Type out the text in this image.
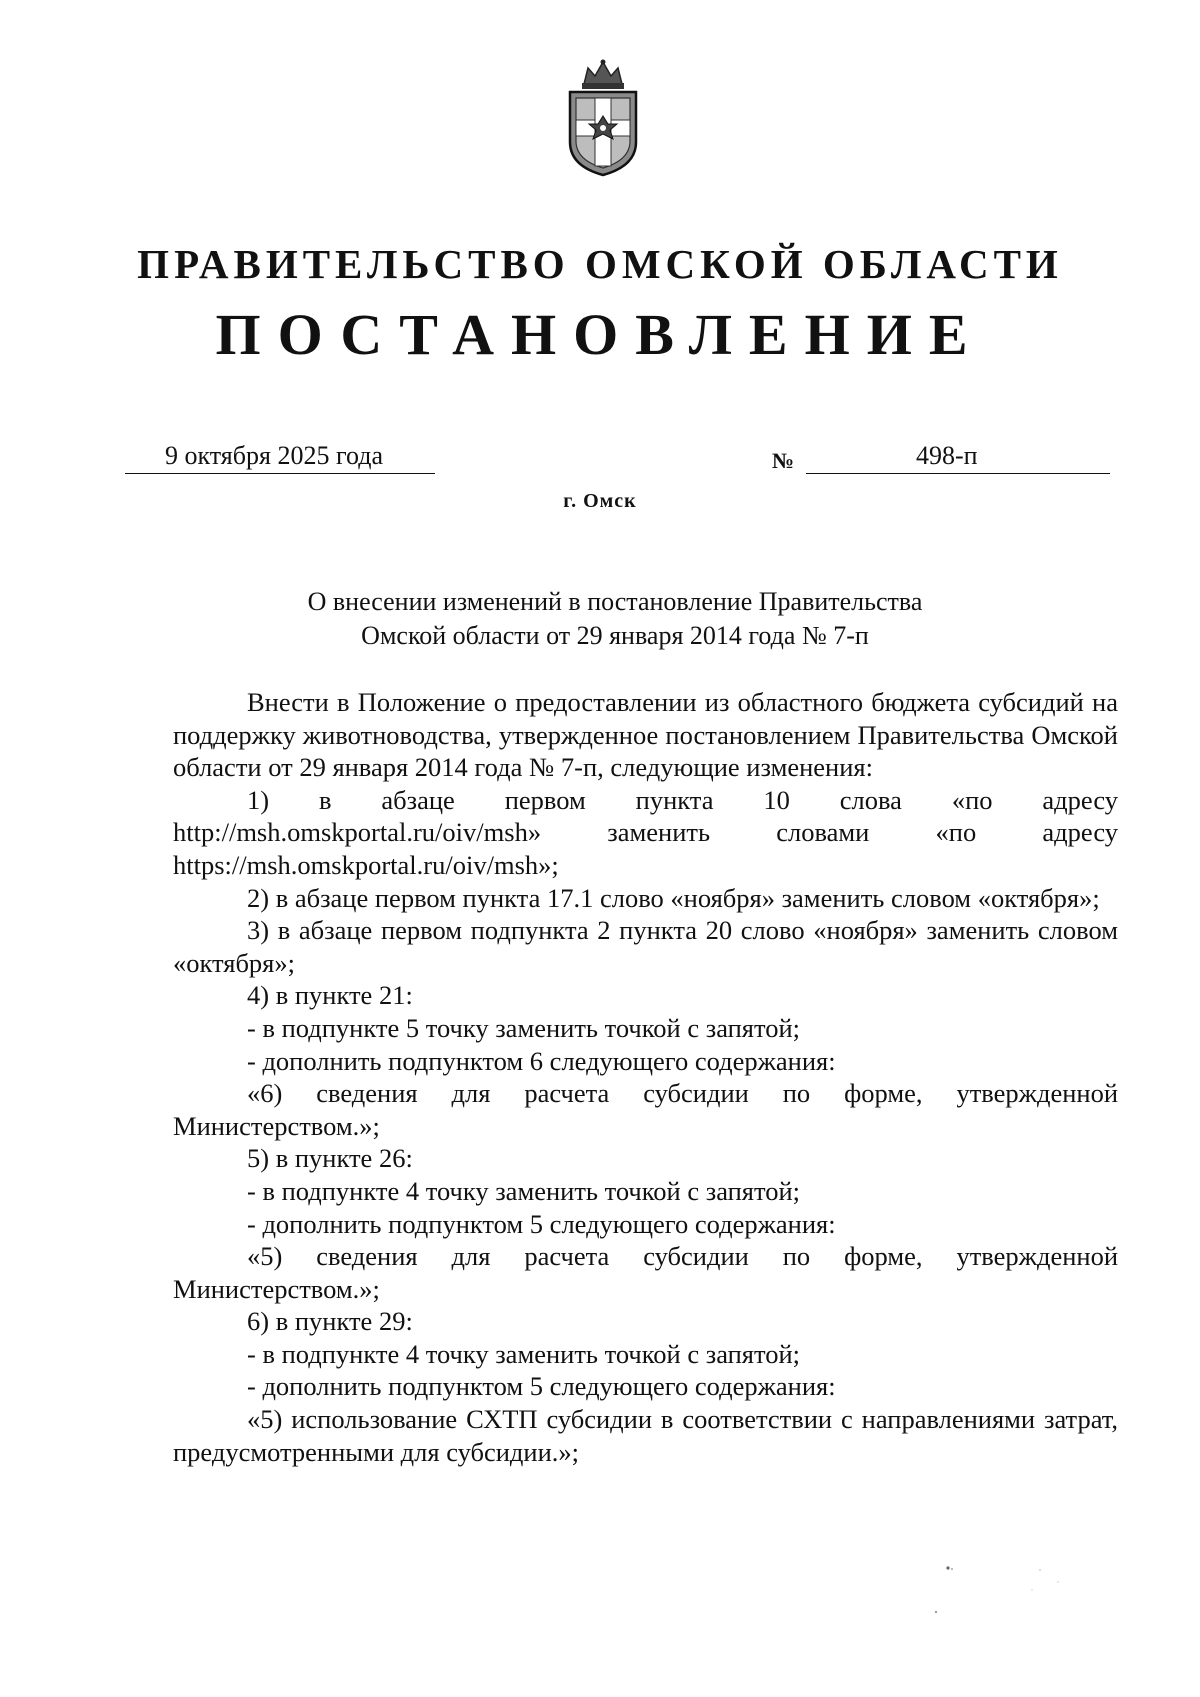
ПРАВИТЕЛЬСТВО ОМСКОЙ ОБЛАСТИ
ПОСТАНОВЛЕНИЕ
9 октября 2025 года	№	498-п
г. Омск
О внесении изменений в постановление Правительства
Омской области от 29 января 2014 года № 7-п

Внести в Положение о предоставлении из областного бюджета субсидий на поддержку животноводства, утвержденное постановлением Правительства Омской области от 29 января 2014 года № 7-п, следующие изменения:

1) в абзаце первом пункта 10 слова «по адресу http://msh.omskportal.ru/oiv/msh» заменить словами «по адресу https://msh.omskportal.ru/oiv/msh»;

2) в абзаце первом пункта 17.1 слово «ноября» заменить словом «октября»;

3) в абзаце первом подпункта 2 пункта 20 слово «ноября» заменить словом «октября»;

4) в пункте 21:

- в подпункте 5 точку заменить точкой с запятой;

- дополнить подпунктом 6 следующего содержания:

«6) сведения для расчета субсидии по форме, утвержденной Министерством.»;

5) в пункте 26:

- в подпункте 4 точку заменить точкой с запятой;

- дополнить подпунктом 5 следующего содержания:

«5) сведения для расчета субсидии по форме, утвержденной Министерством.»;

6) в пункте 29:

- в подпункте 4 точку заменить точкой с запятой;

- дополнить подпунктом 5 следующего содержания:

«5) использование СХТП субсидии в соответствии с направлениями затрат, предусмотренными для субсидии.»;
